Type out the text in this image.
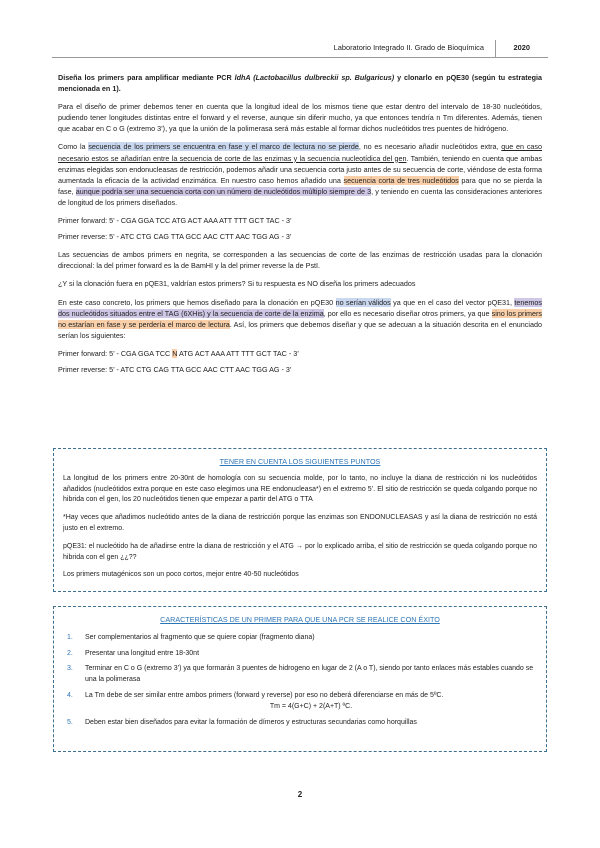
Laboratorio Integrado II. Grado de Bioquímica	2020

Diseña los primers para amplificar mediante PCR ldhA (Lactobacillus dulbreckii sp. Bulgaricus) y clonarlo en pQE30 (según tu estrategia mencionada en 1).

Para el diseño de primer debemos tener en cuenta que la longitud ideal de los mismos tiene que estar dentro del intervalo de 18-30 nucleótidos, pudiendo tener longitudes distintas entre el forward y el reverse, aunque sin diferir mucho, ya que entonces tendría n Tm diferentes. Además, tienen que acabar en C o G (extremo 3’), ya que la unión de la polimerasa será más estable al formar dichos nucleótidos tres puentes de hidrógeno.

Como la secuencia de los primers se encuentra en fase y el marco de lectura no se pierde, no es necesario añadir nucleótidos extra, que en caso necesario estos se añadirían entre la secuencia de corte de las enzimas y la secuencia nucleotídica del gen. También, teniendo en cuenta que ambas enzimas elegidas son endonucleasas de restricción, podemos añadir una secuencia corta justo antes de su secuencia de corte, viéndose de esta forma aumentada la eficacia de la actividad enzimática. En nuestro caso hemos añadido una secuencia corta de tres nucleótidos para que no se pierda la fase, aunque podría ser una secuencia corta con un número de nucleótidos múltiplo siempre de 3, y teniendo en cuenta las consideraciones anteriores de longitud de los primers diseñados.

Primer forward: 5’ - CGA GGA TCC ATG ACT AAA ATT TTT GCT TAC - 3’

Primer reverse: 5’ - ATC CTG CAG TTA GCC AAC CTT AAC TGG AG - 3’

Las secuencias de ambos primers en negrita, se corresponden a las secuencias de corte de las enzimas de restricción usadas para la clonación direccional: la del primer forward es la de BamHI y la del primer reverse la de PstI.

¿Y si la clonación fuera en pQE31, valdrían estos primers? Si tu respuesta es NO diseña los primers adecuados

En este caso concreto, los primers que hemos diseñado para la clonación en pQE30 no serían válidos ya que en el caso del vector pQE31, tenemos dos nucleótidos situados entre el TAG (6XHis) y la secuencia de corte de la enzima, por ello es necesario diseñar otros primers, ya que sino los primers no estarían en fase y se perdería el marco de lectura. Así, los primers que debemos diseñar y que se adecuan a la situación descrita en el enunciado serían los siguientes:

Primer forward: 5’ - CGA GGA TCC N ATG ACT AAA ATT TTT GCT TAC - 3’

Primer reverse: 5’ - ATC CTG CAG TTA GCC AAC CTT AAC TGG AG - 3’

TENER EN CUENTA LOS SIGUIENTES PUNTOS

La longitud de los primers entre 20-30nt de homología con su secuencia molde, por lo tanto, no incluye la diana de restricción ni los nucleótidos añadidos (nucleótidos extra porque en este caso elegimos una RE endonucleasa*) en el extremo 5’. El sitio de restricción se queda colgando porque no hibrida con el gen, los 20 nucleótidos tienen que empezar a partir del ATG o TTA

*Hay veces que añadimos nucleótido antes de la diana de restricción porque las enzimas son ENDONUCLEASAS y así la diana de restricción no está justo en el extremo.

pQE31: el nucleótido ha de añadirse entre la diana de restricción y el ATG → por lo explicado arriba, el sitio de restricción se queda colgando porque no hibrida con el gen ¿¿??

Los primers mutagénicos son un poco cortos, mejor entre 40-50 nucleótidos

CARACTERÍSTICAS DE UN PRIMER PARA QUE UNA PCR SE REALICE CON ÉXITO
1.	Ser complementarios al fragmento que se quiere copiar (fragmento diana)
2.	Presentar una longitud entre 18-30nt
3.	Terminar en C o G (extremo 3’) ya que formarán 3 puentes de hidrogeno en lugar de 2 (A o T), siendo por tanto enlaces más estables cuando se una la polimerasa
4.	La Tm debe de ser similar entre ambos primers (forward y reverse) por eso no deberá diferenciarse en más de 5ºC.
Tm = 4(G+C) + 2(A+T) ºC.
5.	Deben estar bien diseñados para evitar la formación de dímeros y estructuras secundarias como horquillas
2
